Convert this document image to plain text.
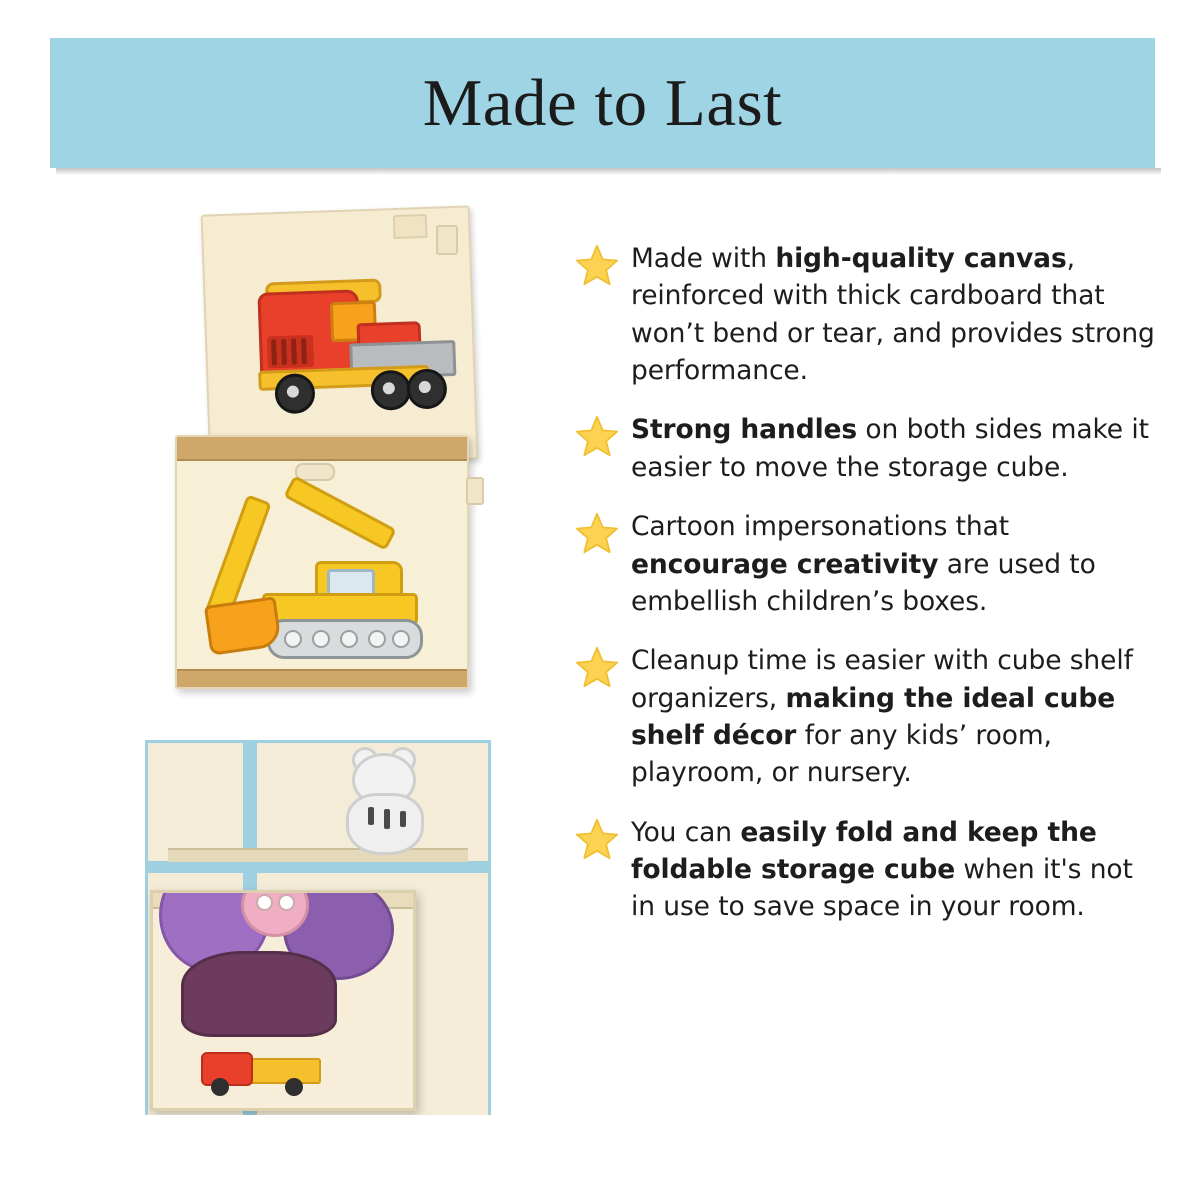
Made to Last
Made with high-quality canvas, reinforced with thick cardboard that won’t bend or tear, and provides strong performance.
Strong handles on both sides make it easier to move the storage cube.
Cartoon impersonations that encourage creativity are used to embellish children’s boxes.
Cleanup time is easier with cube shelf organizers, making the ideal cube shelf décor for any kids’ room, playroom, or nursery.
You can easily fold and keep the foldable storage cube when it's not in use to save space in your room.
